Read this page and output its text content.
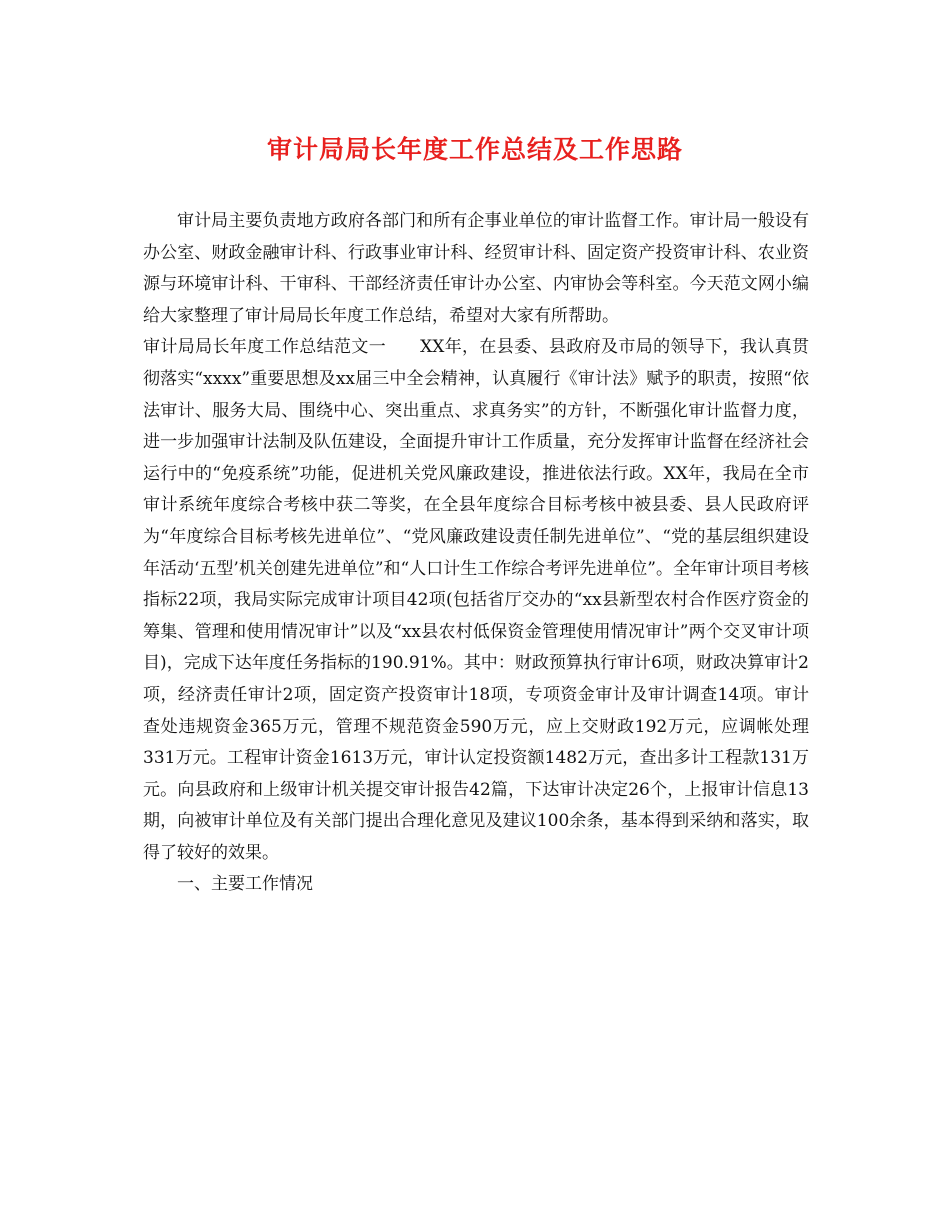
审计局局长年度工作总结及工作思路

审计局主要负责地方政府各部门和所有企事业单位的审计监督工作。审计局一般设有办公室、财政金融审计科、行政事业审计科、经贸审计科、固定资产投资审计科、农业资源与环境审计科、干审科、干部经济责任审计办公室、内审协会等科室。今天范文网小编给大家整理了审计局局长年度工作总结，希望对大家有所帮助。

审计局局长年度工作总结范文一 XX年，在县委、县政府及市局的领导下，我认真贯彻落实“xxxx”重要思想及xx届三中全会精神，认真履行《审计法》赋予的职责，按照“依法审计、服务大局、围绕中心、突出重点、求真务实”的方针，不断强化审计监督力度，进一步加强审计法制及队伍建设，全面提升审计工作质量，充分发挥审计监督在经济社会运行中的“免疫系统”功能，促进机关党风廉政建设，推进依法行政。XX年，我局在全市审计系统年度综合考核中获二等奖，在全县年度综合目标考核中被县委、县人民政府评为“年度综合目标考核先进单位”、“党风廉政建设责任制先进单位”、“党的基层组织建设年活动‘五型’机关创建先进单位”和“人口计生工作综合考评先进单位”。全年审计项目考核指标22项，我局实际完成审计项目42项(包括省厅交办的“xx县新型农村合作医疗资金的筹集、管理和使用情况审计”以及“xx县农村低保资金管理使用情况审计”两个交叉审计项目)，完成下达年度任务指标的190.91%。其中：财政预算执行审计6项，财政决算审计2项，经济责任审计2项，固定资产投资审计18项，专项资金审计及审计调查14项。审计查处违规资金365万元，管理不规范资金590万元，应上交财政192万元，应调帐处理331万元。工程审计资金1613万元，审计认定投资额1482万元，查出多计工程款131万元。向县政府和上级审计机关提交审计报告42篇，下达审计决定26个，上报审计信息13期，向被审计单位及有关部门提出合理化意见及建议100余条，基本得到采纳和落实，取得了较好的效果。

一、主要工作情况
